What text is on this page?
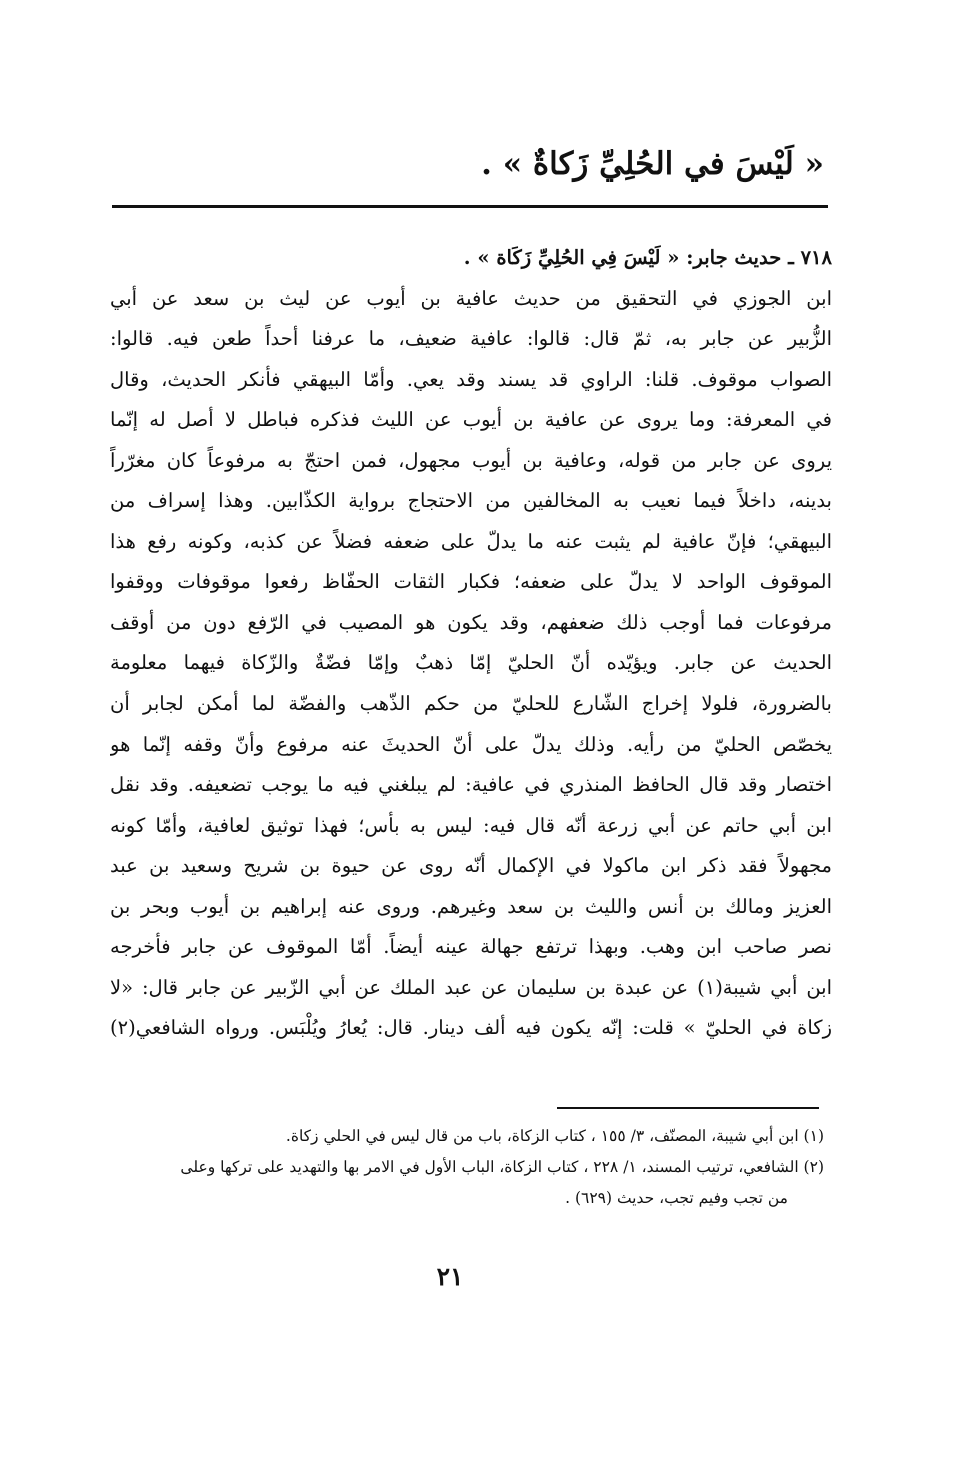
« لَيْسَ في الحُلِيِّ زَكاةٌ » .
٧١٨ ـ حديث جابر: « لَيْسَ فِي الحُلِيِّ زَكَاة » .
ابن الجوزي في التحقيق من حديث عافية بن أيوب عن ليث بن سعد عن أبي
الزُّبير عن جابر به، ثمّ قال: قالوا: عافية ضعيف، ما عرفنا أحداً طعن فيه. قالوا:
الصواب موقوف. قلنا: الراوي قد يسند وقد يعي. وأمّا البيهقي فأنكر الحديث، وقال
في المعرفة: وما يروى عن عافية بن أيوب عن الليث فذكره فباطل لا أصل له إنّما
يروى عن جابر من قوله، وعافية بن أيوب مجهول، فمن احتجّ به مرفوعاً كان مغرّراً
بدينه، داخلاً فيما نعيب به المخالفين من الاحتجاج برواية الكذّابين. وهذا إسراف من
البيهقي؛ فإنّ عافية لم يثبت عنه ما يدلّ على ضعفه فضلاً عن كذبه، وكونه رفع هذا
الموقوف الواحد لا يدلّ على ضعفه؛ فكبار الثقات الحفّاظ رفعوا موقوفات ووقفوا
مرفوعات فما أوجب ذلك ضعفهم، وقد يكون هو المصيب في الرّفع دون من أوقف
الحديث عن جابر. ويؤيّده أنّ الحليّ إمّا ذهبٌ وإمّا فضّةٌ والزّكاة فيهما معلومة
بالضرورة، فلولا إخراج الشّارع للحليّ من حكم الذّهب والفضّة لما أمكن لجابر أن
يخصّص الحليّ من رأيه. وذلك يدلّ على أنّ الحديثَ عنه مرفوع وأنّ وقفه إنّما هو
اختصار وقد قال الحافظ المنذري في عافية: لم يبلغني فيه ما يوجب تضعيفه. وقد نقل
ابن أبي حاتم عن أبي زرعة أنّه قال فيه: ليس به بأس؛ فهذا توثيق لعافية، وأمّا كونه
مجهولاً فقد ذكر ابن ماكولا في الإكمال أنّه روى عن حيوة بن شريح وسعيد بن عبد
العزيز ومالك بن أنس والليث بن سعد وغيرهم. وروى عنه إبراهيم بن أيوب وبحر بن
نصر صاحب ابن وهب. وبهذا ترتفع جهالة عينه أيضاً. أمّا الموقوف عن جابر فأخرجه
ابن أبي شيبة(١) عن عبدة بن سليمان عن عبد الملك عن أبي الزّبير عن جابر قال: «لا
زكاة في الحليّ » قلت: إنّه يكون فيه ألف دينار. قال: يُعارُ ويُلْبَس. ورواه الشافعي(٢)
(١) ابن أبي شيبة، المصنّف، ٣/ ١٥٥ ، كتاب الزكاة، باب من قال ليس في الحلي زكاة.
(٢) الشافعي، ترتيب المسند، ١/ ٢٢٨ ، كتاب الزكاة، الباب الأول في الامر بها والتهديد على تركها وعلى
من تجب وفيم تجب، حديث (٦٢٩) .
٢١
